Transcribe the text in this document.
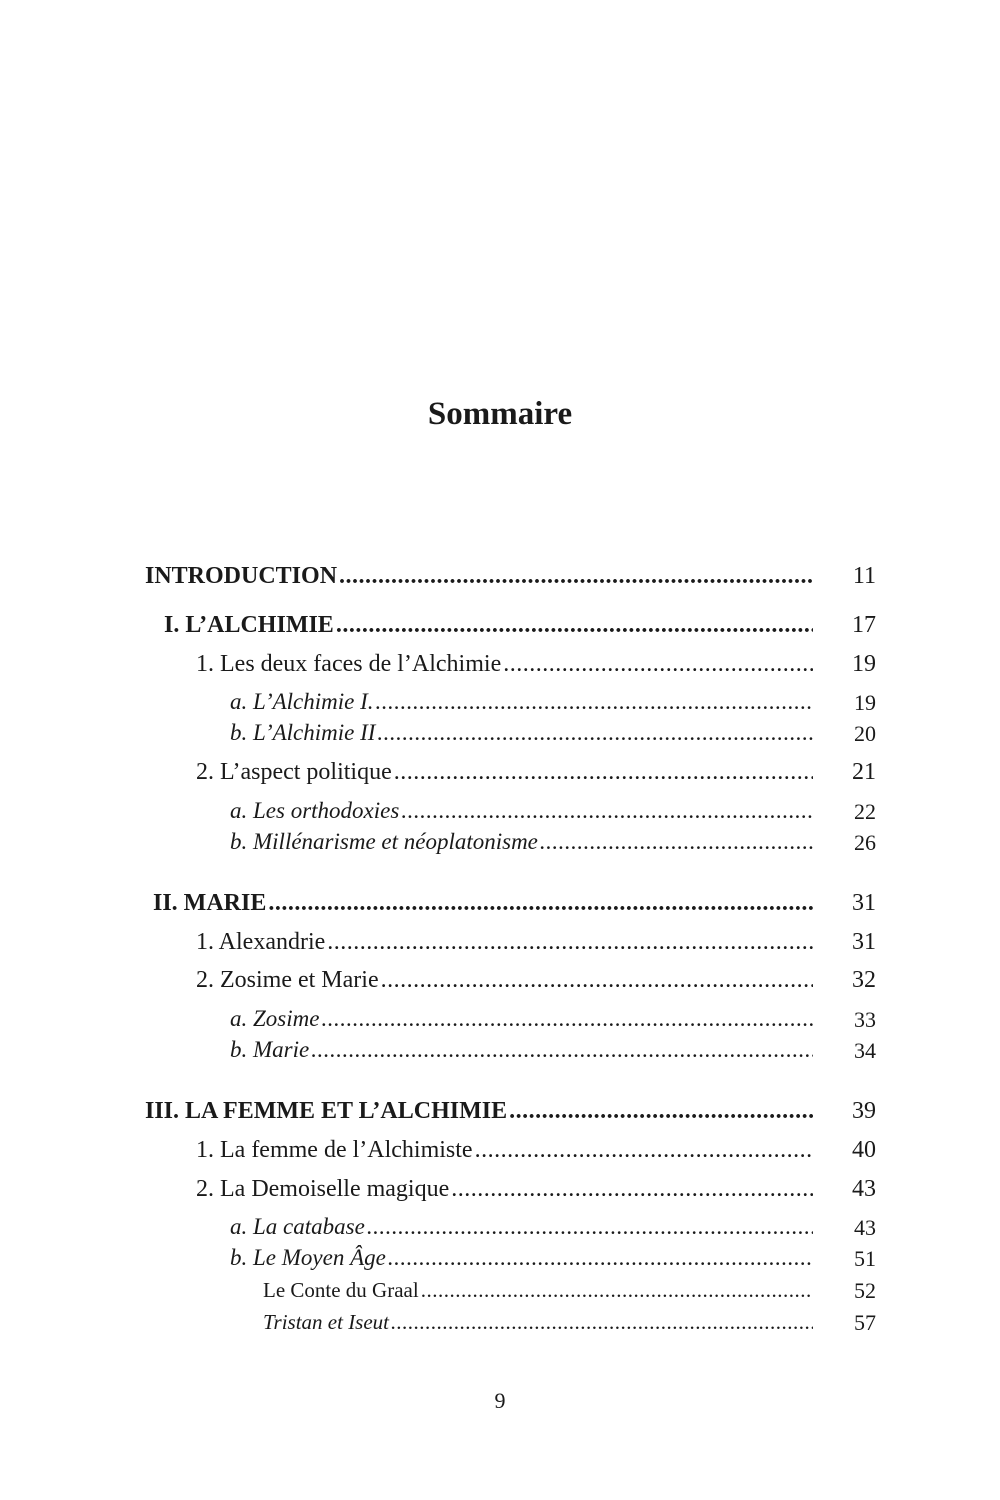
Sommaire
INTRODUCTION .....	11
I. L’ALCHIMIE .....	17
1. Les deux faces de l’Alchimie .....	19
a. L’Alchimie I. .....	19
b. L’Alchimie II .....	20
2. L’aspect politique .....	21
a. Les orthodoxies .....	22
b. Millénarisme et néoplatonisme .....	26
II. MARIE .....	31
1. Alexandrie .....	31
2. Zosime et Marie .....	32
a. Zosime .....	33
b. Marie .....	34
III. LA FEMME ET L’ALCHIMIE .....	39
1. La femme de l’Alchimiste .....	40
2. La Demoiselle magique .....	43
a. La catabase .....	43
b. Le Moyen Âge .....	51
Le Conte du Graal .....	52
Tristan et Iseut .....	57
9
